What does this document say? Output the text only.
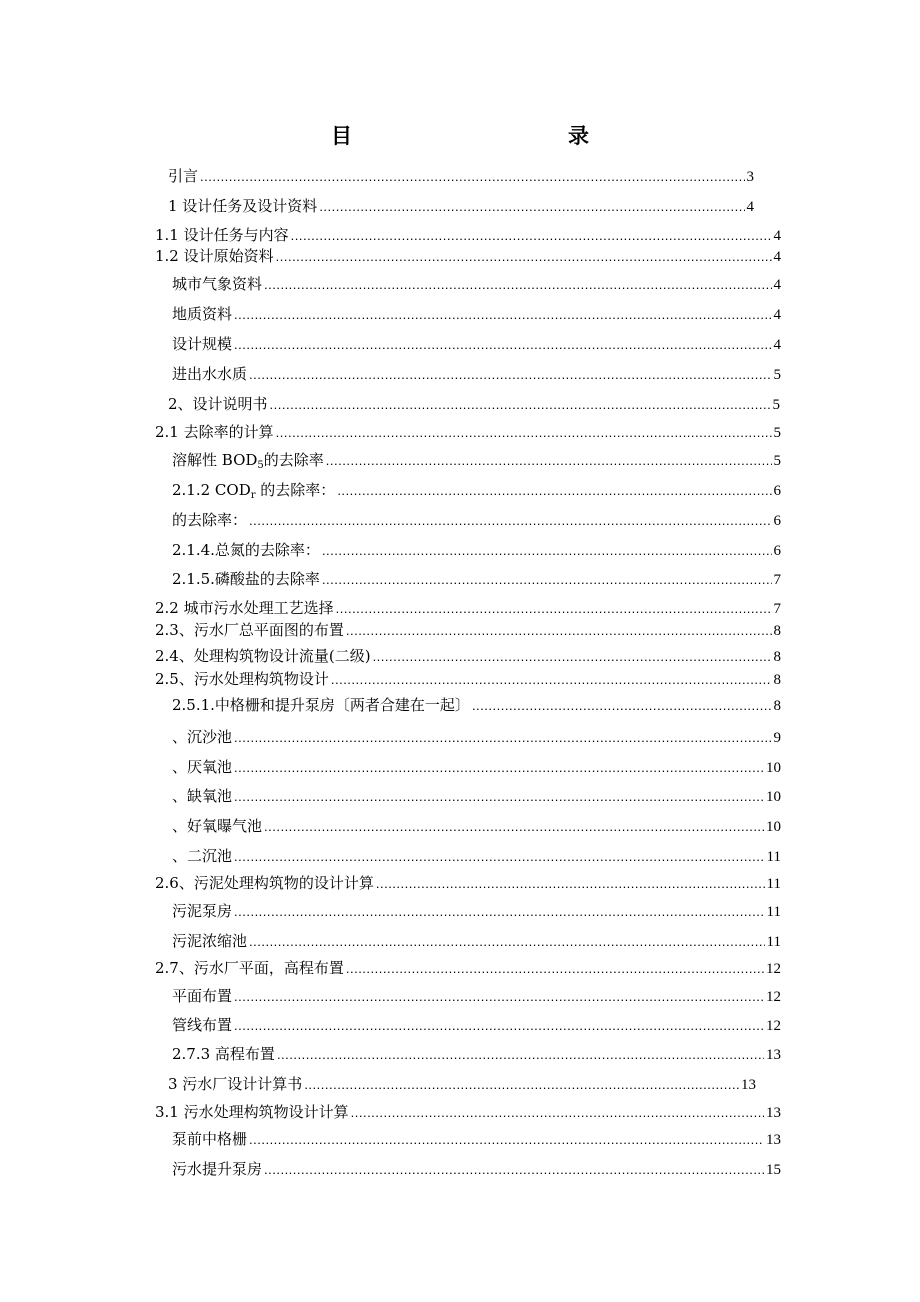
目　　录
引言 .....	3
1 设计任务及设计资料 .....	4
1.1 设计任务与内容 .....	4
1.2 设计原始资料 .....	4
城市气象资料 .....	4
地质资料 .....	4
设计规模 .....	4
进出水水质 .....	5
2、设计说明书 .....	5
2.1 去除率的计算 .....	5
溶解性 $BOD_5$的去除率 .....	5
2.1.2 $COD_r$ 的去除率： .....	6
的去除率： .....	6
2.1.4.总氮的去除率： .....	6
2.1.5.磷酸盐的去除率 .....	7
2.2 城市污水处理工艺选择 .....	7
2.3、污水厂总平面图的布置 .....	8
2.4、处理构筑物设计流量(二级) .....	8
2.5、污水处理构筑物设计 .....	8
2.5.1.中格栅和提升泵房〔两者合建在一起〕 .....	8
、沉沙池 .....	9
、厌氧池 .....	10
、缺氧池 .....	10
、好氧曝气池 .....	10
、二沉池 .....	11
2.6、污泥处理构筑物的设计计算 .....	11
污泥泵房 .....	11
污泥浓缩池 .....	11
2.7、污水厂平面，高程布置 .....	12
平面布置 .....	12
管线布置 .....	12
2.7.3 高程布置 .....	13
3 污水厂设计计算书 .....	13
3.1 污水处理构筑物设计计算 .....	13
泵前中格栅 .....	13
污水提升泵房 .....	15
